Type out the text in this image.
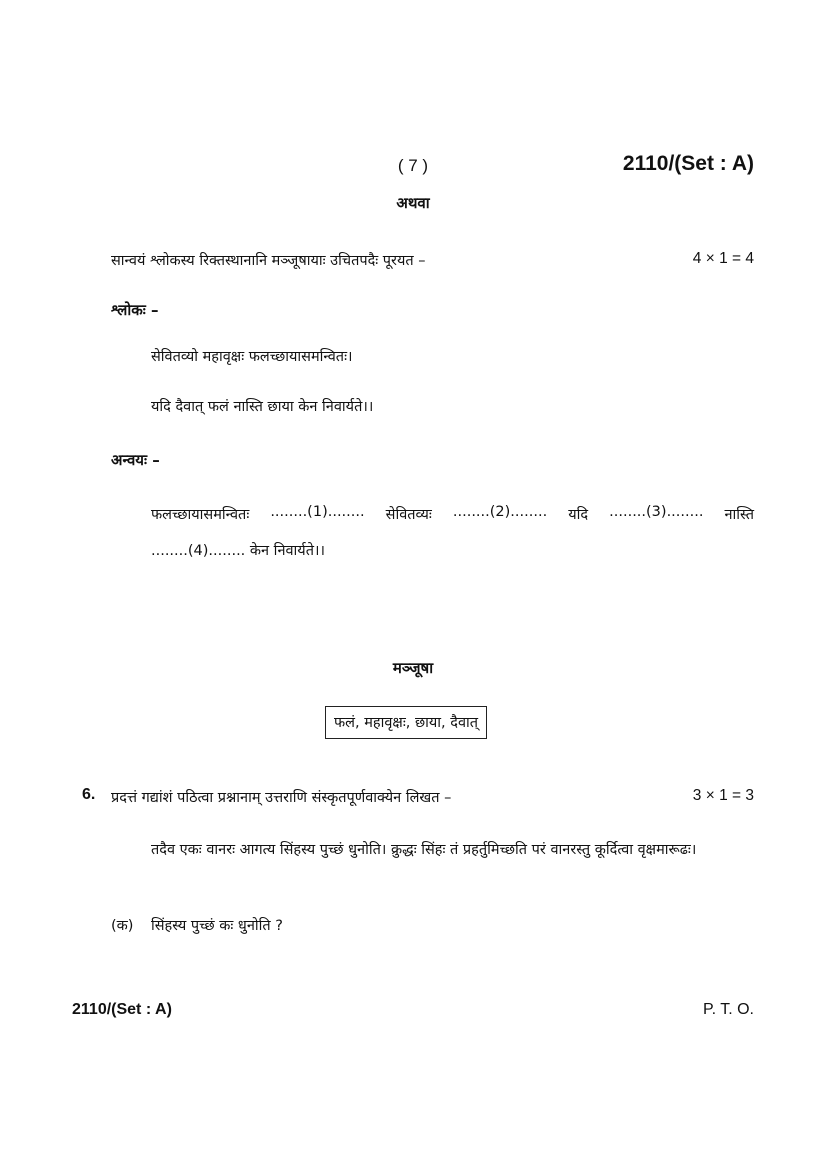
( 7 )	2110/(Set : A)
अथवा
सान्वयं श्लोकस्य रिक्तस्थानानि मञ्जूषायाः उचितपदैः पूरयत –	4 × 1 = 4
श्लोकः –
सेवितव्यो महावृक्षः फलच्छायासमन्वितः।
यदि दैवात् फलं नास्ति छाया केन निवार्यते।।
अन्वयः –
फलच्छायासमन्वितः ........(1)........ सेवितव्यः ........(2)........ यदि ........(3)........ नास्ति
........(4)........ केन निवार्यते।।
मञ्जूषा
फलं, महावृक्षः, छाया, दैवात्
6. प्रदत्तं गद्यांशं पठित्वा प्रश्नानाम् उत्तराणि संस्कृतपूर्णवाक्येन लिखत –	3 × 1 = 3
तदैव एकः वानरः आगत्य सिंहस्य पुच्छं धुनोति। क्रुद्धः सिंहः तं प्रहर्तुमिच्छति परं वानरस्तु कूर्दित्वा वृक्षमारूढः।
(क) सिंहस्य पुच्छं कः धुनोति ?
2110/(Set : A)	P. T. O.
